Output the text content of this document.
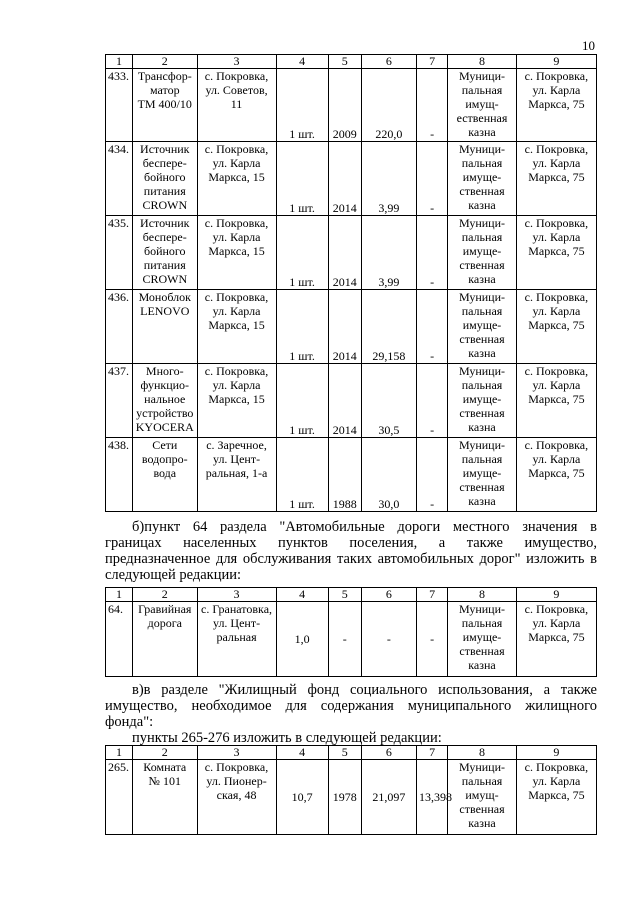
10
1	2	3	4	5	6	7	8	9
433.	Трансфор-
матор
ТМ 400/10	с. Покровка,
ул. Советов,
11	1 шт.	2009	220,0	-	Муници-
пальная
имущ-
ественная
казна	с. Покровка,
ул. Карла
Маркса, 75
434.	Источник
беспере-
бойного
питания
CROWN	с. Покровка,
ул. Карла
Маркса, 15	1 шт.	2014	3,99	-	Муници-
пальная
имуще-
ственная
казна	с. Покровка,
ул. Карла
Маркса, 75
435.	Источник
беспере-
бойного
питания
CROWN	с. Покровка,
ул. Карла
Маркса, 15	1 шт.	2014	3,99	-	Муници-
пальная
имуще-
ственная
казна	с. Покровка,
ул. Карла
Маркса, 75
436.	Моноблок
LENOVO	с. Покровка,
ул. Карла
Маркса, 15	1 шт.	2014	29,158	-	Муници-
пальная
имуще-
ственная
казна	с. Покровка,
ул. Карла
Маркса, 75
437.	Много-
функцио-
нальное
устройство
KYOCERA	с. Покровка,
ул. Карла
Маркса, 15	1 шт.	2014	30,5	-	Муници-
пальная
имуще-
ственная
казна	с. Покровка,
ул. Карла
Маркса, 75
438.	Сети
водопро-
вода	с. Заречное,
ул. Цент-
ральная, 1-а	1 шт.	1988	30,0	-	Муници-
пальная
имуще-
ственная
казна	с. Покровка,
ул. Карла
Маркса, 75

б)пункт 64 раздела "Автомобильные дороги местного значения в

границах населенных пунктов поселения, а также имущество,

предназначенное для обслуживания таких автомобильных дорог" изложить в

следующей редакции:

1	2	3	4	5	6	7	8	9
64.	Гравийная
дорога	с. Гранатовка,
ул. Цент-
ральная	1,0	-	-	-	Муници-
пальная
имуще-
ственная
казна	с. Покровка,
ул. Карла
Маркса, 75

в)в разделе "Жилищный фонд социального использования, а также

имущество, необходимое для содержания муниципального жилищного

фонда":

пункты 265-276 изложить в следующей редакции:

1	2	3	4	5	6	7	8	9
265.	Комната
№ 101	с. Покровка,
ул. Пионер-
ская, 48	10,7	1978	21,097	13,398	Муници-
пальная
имущ-
ственная
казна	с. Покровка,
ул. Карла
Маркса, 75
